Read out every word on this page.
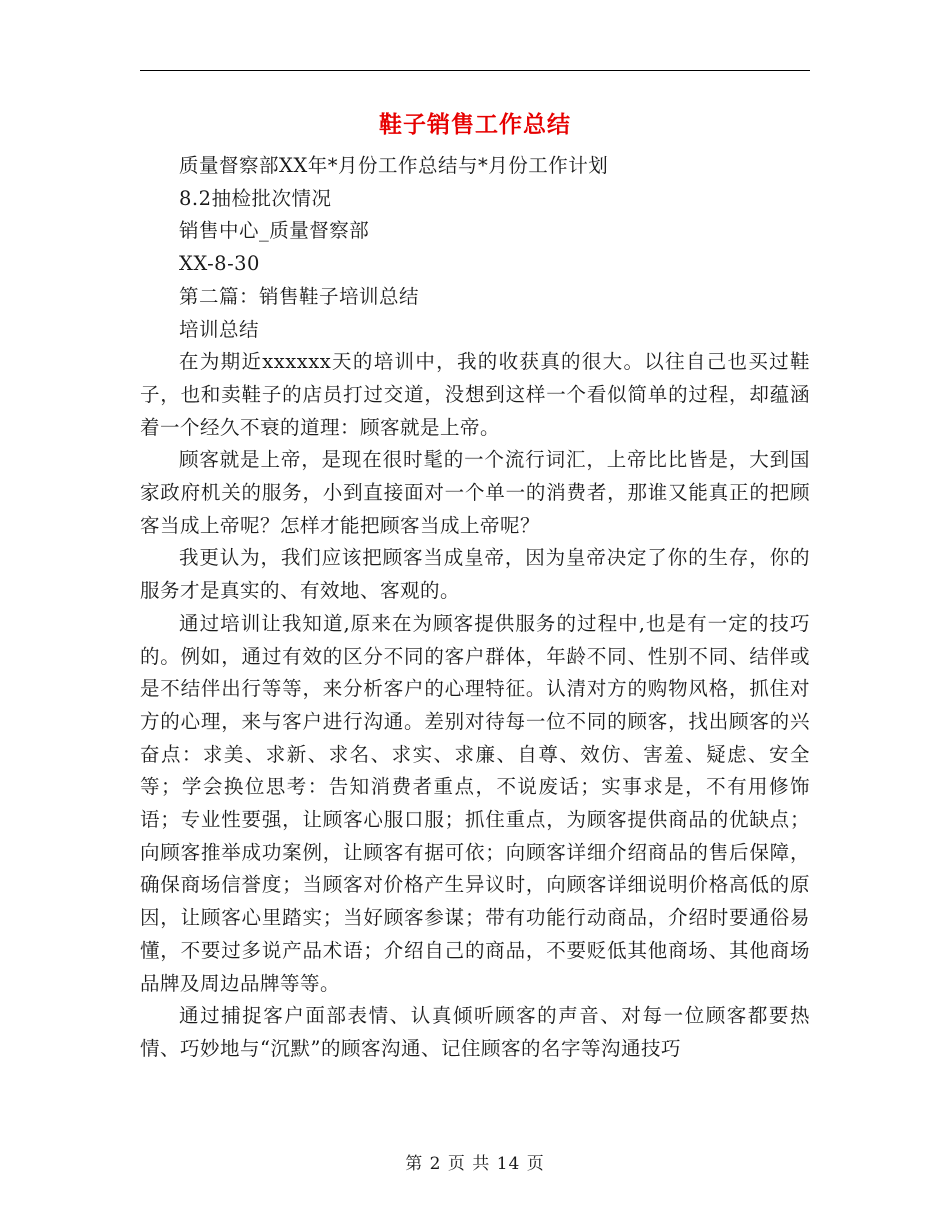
鞋子销售工作总结

质量督察部XX年*月份工作总结与*月份工作计划

8.2抽检批次情况

销售中心_质量督察部

XX-8-30

第二篇：销售鞋子培训总结

培训总结

在为期近xxxxxx天的培训中，我的收获真的很大。以往自己也买过鞋子，也和卖鞋子的店员打过交道，没想到这样一个看似简单的过程，却蕴涵着一个经久不衰的道理：顾客就是上帝。

顾客就是上帝，是现在很时髦的一个流行词汇，上帝比比皆是，大到国家政府机关的服务，小到直接面对一个单一的消费者，那谁又能真正的把顾客当成上帝呢？怎样才能把顾客当成上帝呢？

我更认为，我们应该把顾客当成皇帝，因为皇帝决定了你的生存，你的服务才是真实的、有效地、客观的。

通过培训让我知道,原来在为顾客提供服务的过程中,也是有一定的技巧的。例如，通过有效的区分不同的客户群体，年龄不同、性别不同、结伴或是不结伴出行等等，来分析客户的心理特征。认清对方的购物风格，抓住对方的心理，来与客户进行沟通。差别对待每一位不同的顾客，找出顾客的兴奋点：求美、求新、求名、求实、求廉、自尊、效仿、害羞、疑虑、安全等；学会换位思考：告知消费者重点，不说废话；实事求是，不有用修饰语；专业性要强，让顾客心服口服；抓住重点，为顾客提供商品的优缺点；向顾客推举成功案例，让顾客有据可依；向顾客详细介绍商品的售后保障，确保商场信誉度；当顾客对价格产生异议时，向顾客详细说明价格高低的原因，让顾客心里踏实；当好顾客参谋；带有功能行动商品，介绍时要通俗易懂，不要过多说产品术语；介绍自己的商品，不要贬低其他商场、其他商场品牌及周边品牌等等。

通过捕捉客户面部表情、认真倾听顾客的声音、对每一位顾客都要热情、巧妙地与“沉默”的顾客沟通、记住顾客的名字等沟通技巧

第 2 页 共 14 页
